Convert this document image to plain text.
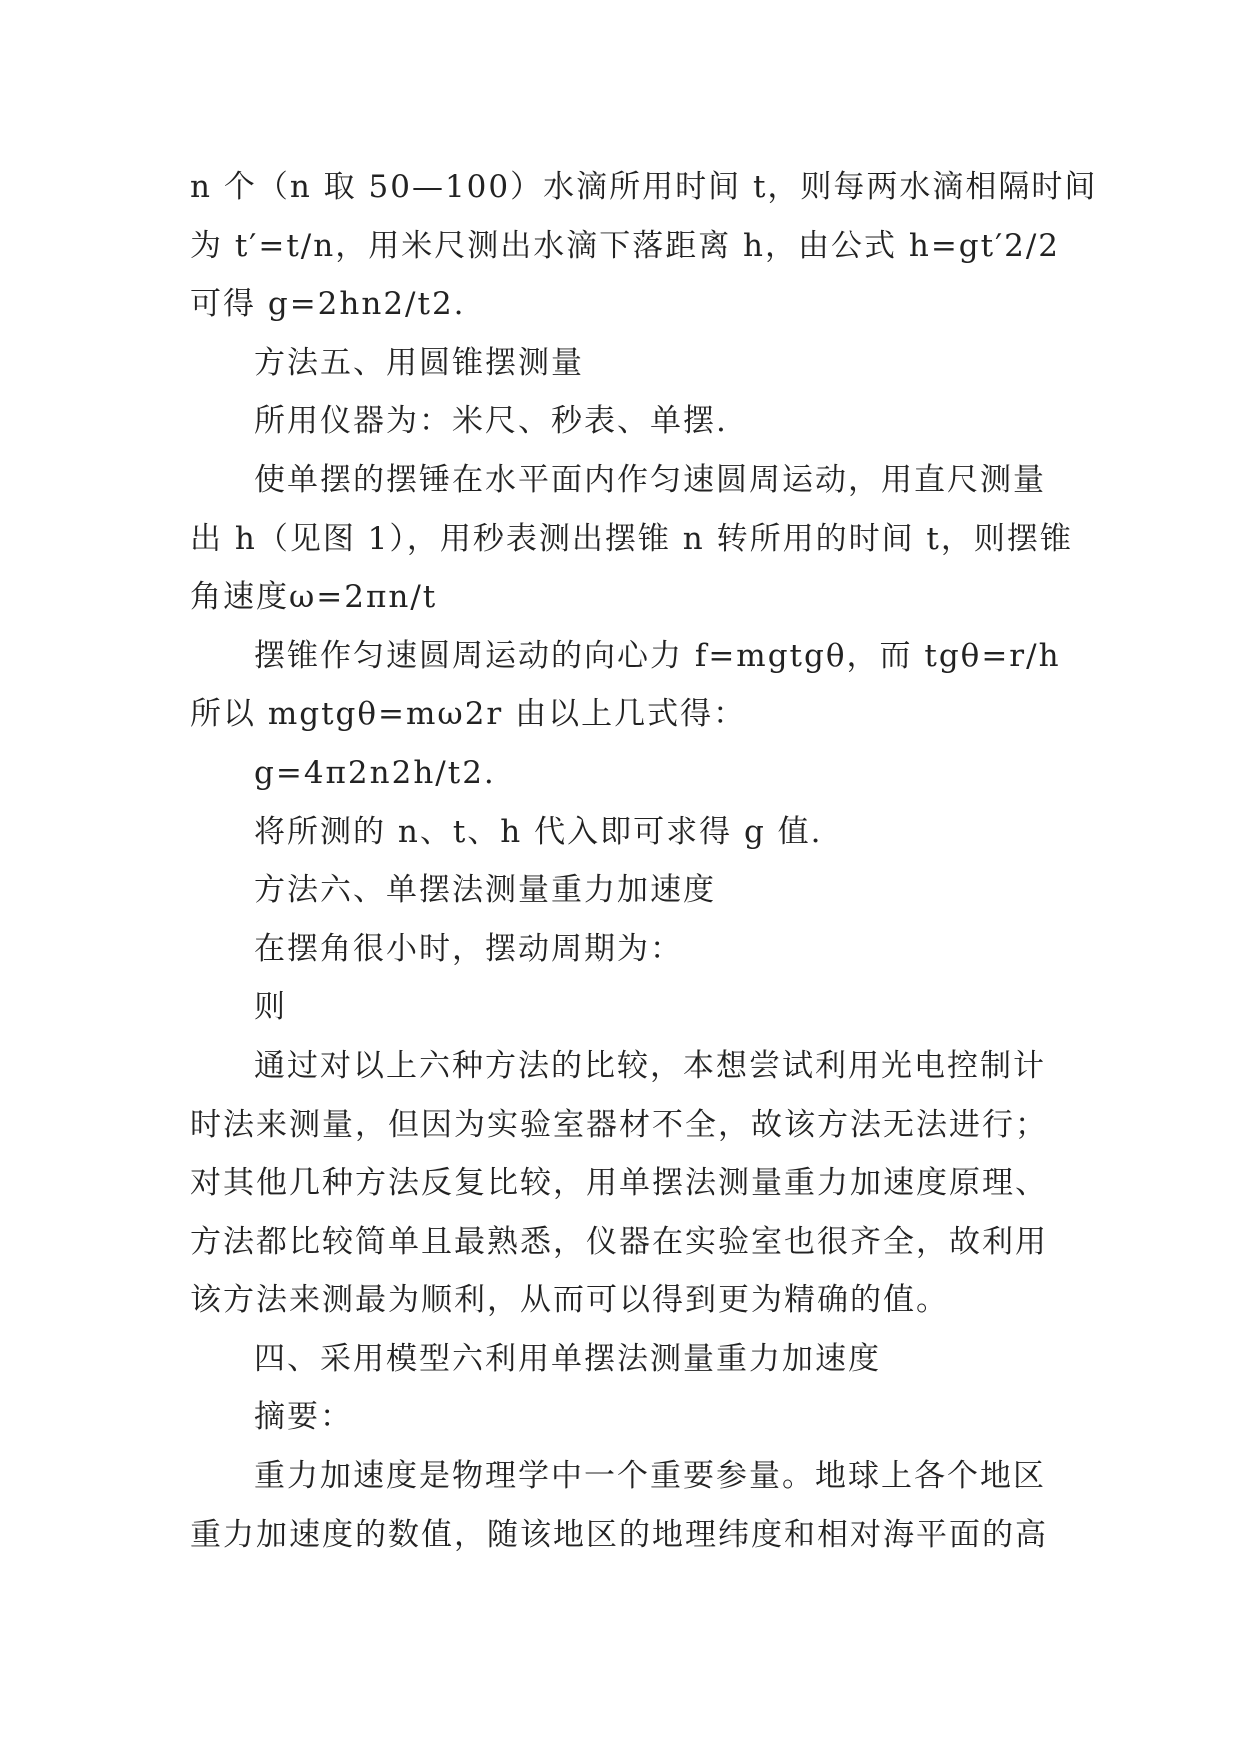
n 个（n 取 50—100）水滴所用时间 t，则每两水滴相隔时间
为 t′=t/n，用米尺测出水滴下落距离 h，由公式 h=gt′2/2
可得 g=2hn2/t2.
方法五、用圆锥摆测量
所用仪器为：米尺、秒表、单摆.
使单摆的摆锤在水平面内作匀速圆周运动，用直尺测量
出 h（见图 1），用秒表测出摆锥 n 转所用的时间 t，则摆锥
角速度ω=2πn/t
摆锥作匀速圆周运动的向心力 f=mgtgθ，而 tgθ=r/h
所以 mgtgθ=mω2r 由以上几式得：
g=4π2n2h/t2.
将所测的 n、t、h 代入即可求得 g 值.
方法六、单摆法测量重力加速度
在摆角很小时，摆动周期为：
则
通过对以上六种方法的比较，本想尝试利用光电控制计
时法来测量，但因为实验室器材不全，故该方法无法进行；
对其他几种方法反复比较，用单摆法测量重力加速度原理、
方法都比较简单且最熟悉，仪器在实验室也很齐全，故利用
该方法来测最为顺利，从而可以得到更为精确的值。
四、采用模型六利用单摆法测量重力加速度
摘要：
重力加速度是物理学中一个重要参量。地球上各个地区
重力加速度的数值，随该地区的地理纬度和相对海平面的高
